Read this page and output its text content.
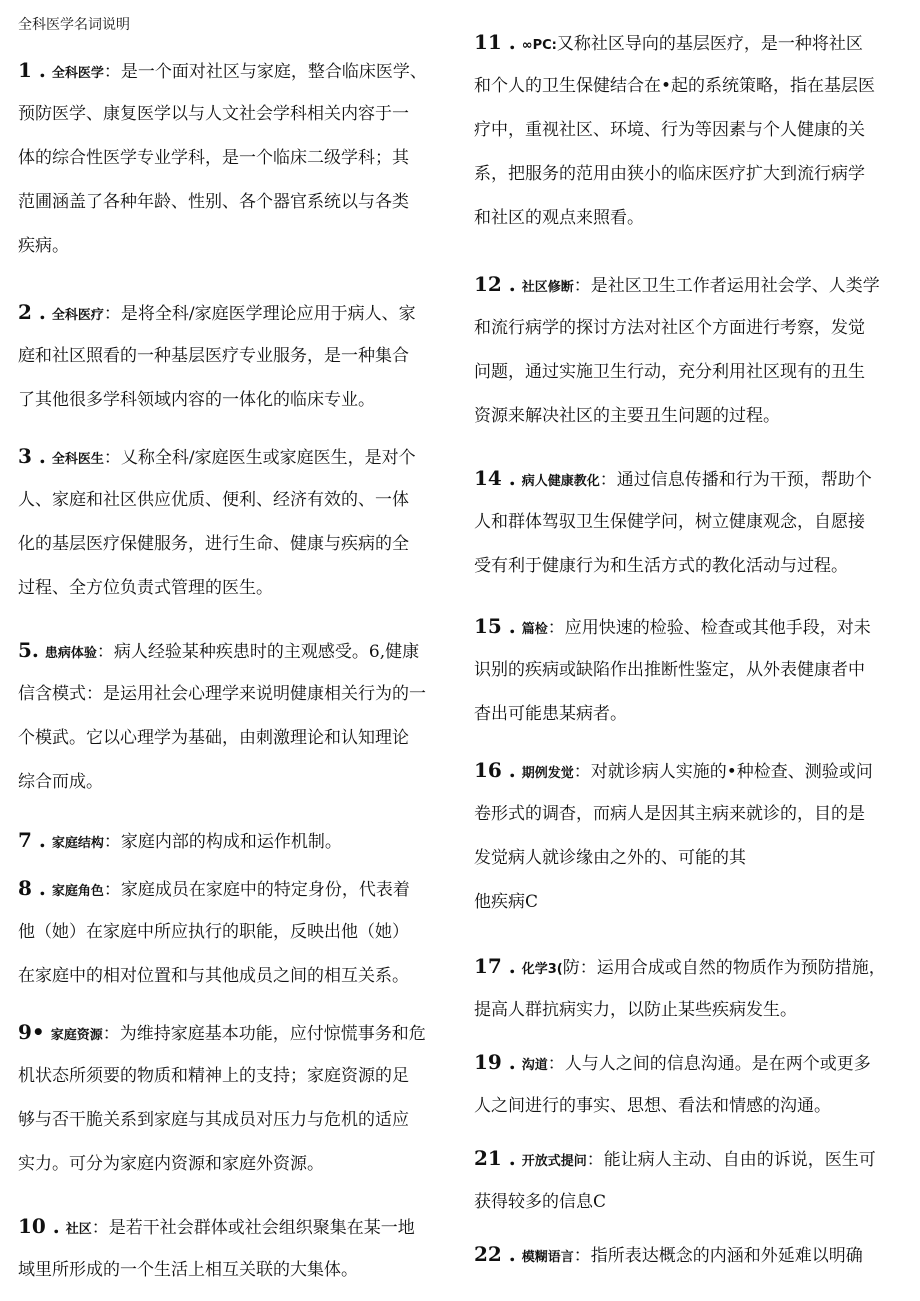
全科医学名词说明
1 . 全科医学：是一个面对社区与家庭，整合临床医学、
预防医学、康复医学以与人文社会学科相关内容于一
体的综合性医学专业学科，是一个临床二级学科；其
范圃涵盖了各种年龄、性别、各个器官系统以与各类
疾病。
2 . 全科医疗：是将全科/家庭医学理论应用于病人、家
庭和社区照看的一种基层医疗专业服务，是一种集合
了其他很多学科领域内容的一体化的临床专业。
3 . 全科医生：乂称全科/家庭医生或家庭医生，是对个
人、家庭和社区供应优质、便利、经济有效的、一体
化的基层医疗保健服务，进行生命、健康与疾病的全
过程、全方位负责式管理的医生。
5. 患病体验：病人经验某种疾患时的主观感受。6,健康
信含模式：是运用社会心理学来说明健康相关行为的一
个模武。它以心理学为基础，由刺激理论和认知理论
综合而成。
7 . 家庭结构：家庭内部的构成和运作机制。
8 . 家庭角色：家庭成员在家庭中的特定身份，代表着
他（她）在家庭中所应执行的职能，反映出他（她）
在家庭中的相对位置和与其他成员之间的相互关系。
9• 家庭资源：为维持家庭基本功能，应付惊慌事务和危
机状态所须要的物质和精神上的支持；家庭资源的足
够与否干脆关系到家庭与其成员对压力与危机的适应
实力。可分为家庭内资源和家庭外资源。
10 . 社区：是若干社会群体或社会组织聚集在某一地
域里所形成的一个生活上相互关联的大集体。
11 . ∞PC:又称社区导向的基层医疗，是一种将社区
和个人的卫生保健结合在•起的系统策略，指在基层医
疗中，重视社区、环境、行为等因素与个人健康的关
系，把服务的范用由狭小的临床医疗扩大到流行病学
和社区的观点来照看。
12 . 社区修断：是社区卫生工作者运用社会学、人类学
和流行病学的探讨方法对社区个方面进行考察，发觉
问题，通过实施卫生行动，充分利用社区现有的丑生
资源来解决社区的主要丑生问题的过程。
14 . 病人健康教化：通过信息传播和行为干预，帮助个
人和群体驾驭卫生保健学问，树立健康观念，自愿接
受有利于健康行为和生活方式的教化活动与过程。
15 . 篇检：应用快速的检验、检查或其他手段，对未
识别的疾病或缺陷作出推断性鉴定，从外表健康者中
杳出可能患某病者。
16 . 期例发觉：对就诊病人实施的•种检查、测验或问
卷形式的调杳，而病人是因其主病来就诊的，目的是
发觉病人就诊缘由之外的、可能的其
他疾病C
17 . 化学3(防：运用合成或自然的物质作为预防措施，
提高人群抗病实力，以防止某些疾病发生。
19 . 沟道：人与人之间的信息沟通。是在两个或更多
人之间进行的事实、思想、看法和情感的沟通。
21 . 开放式提问：能让病人主动、自由的诉说，医生可
获得较多的信息C
22 . 模糊语言：指所表达概念的内涵和外延难以明确
